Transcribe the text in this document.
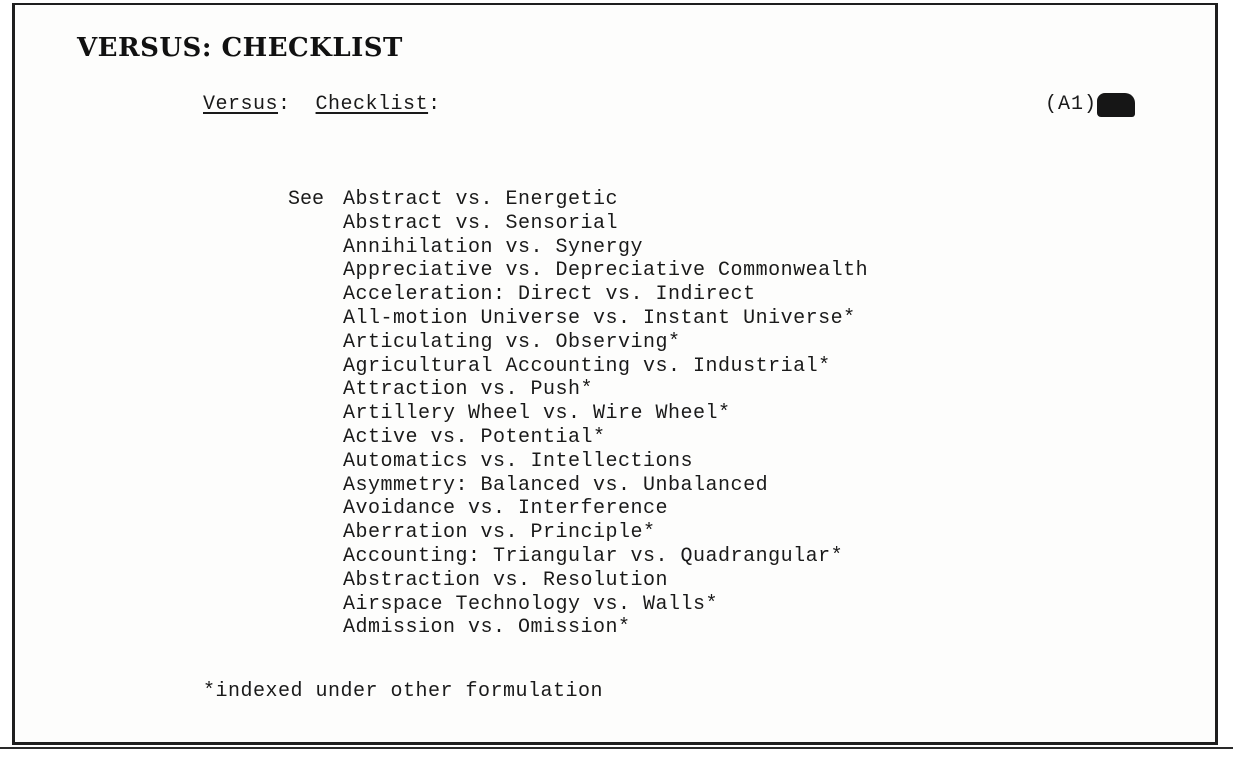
VERSUS: CHECKLIST
Versus: Checklist:	(A1)
See Abstract vs. Energetic
Abstract vs. Sensorial
Annihilation vs. Synergy
Appreciative vs. Depreciative Commonwealth
Acceleration: Direct vs. Indirect
All-motion Universe vs. Instant Universe*
Articulating vs. Observing*
Agricultural Accounting vs. Industrial*
Attraction vs. Push*
Artillery Wheel vs. Wire Wheel*
Active vs. Potential*
Automatics vs. Intellections
Asymmetry: Balanced vs. Unbalanced
Avoidance vs. Interference
Aberration vs. Principle*
Accounting: Triangular vs. Quadrangular*
Abstraction vs. Resolution
Airspace Technology vs. Walls*
Admission vs. Omission*
*indexed under other formulation
